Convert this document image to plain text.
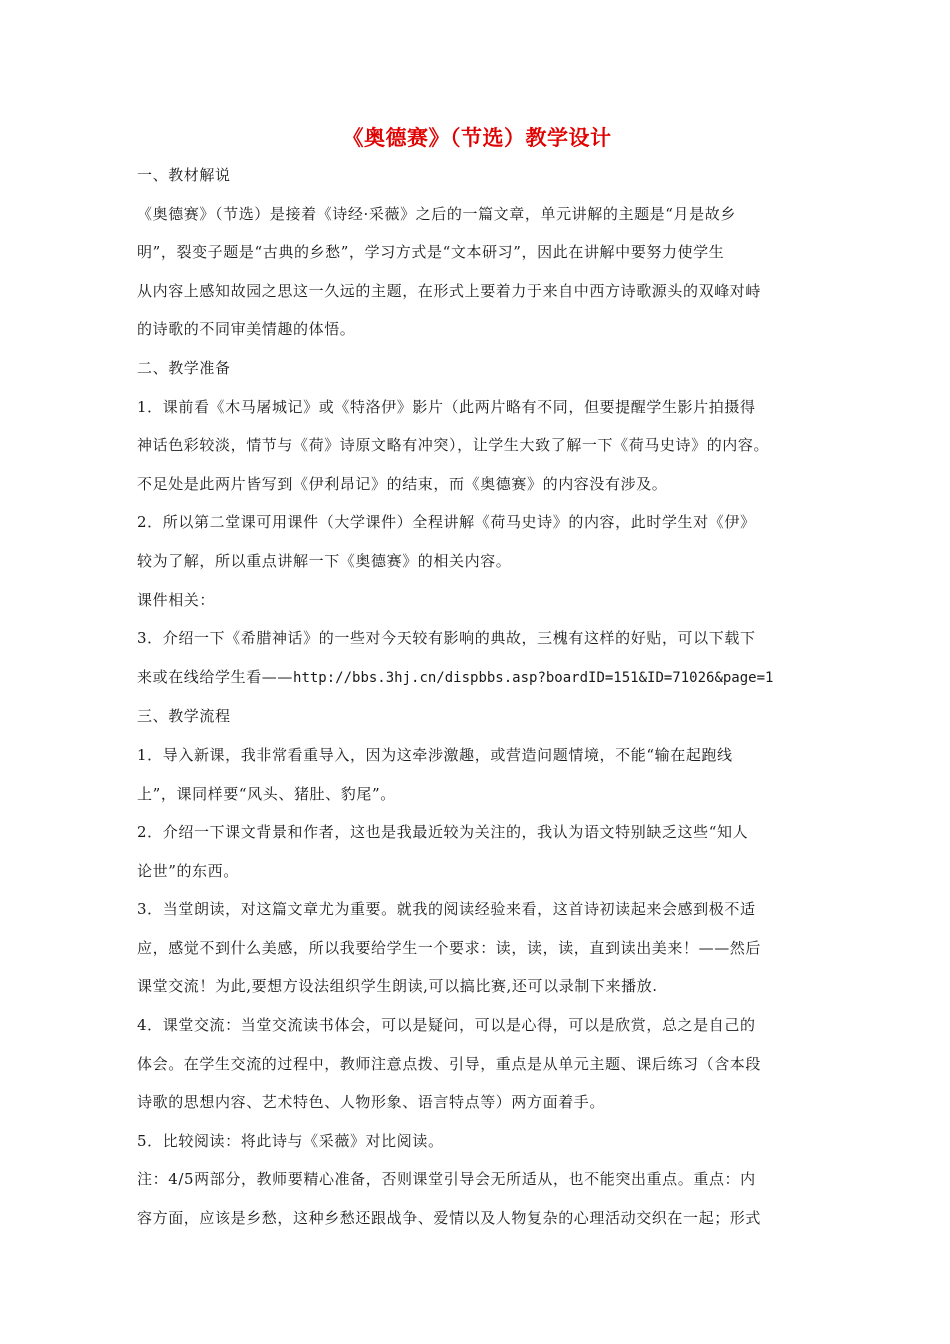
《奥德赛》（节选）教学设计
一、教材解说
《奥德赛》（节选）是接着《诗经·采薇》之后的一篇文章，单元讲解的主题是“月是故乡
明”，裂变子题是“古典的乡愁”，学习方式是“文本研习”，因此在讲解中要努力使学生
从内容上感知故园之思这一久远的主题，在形式上要着力于来自中西方诗歌源头的双峰对峙
的诗歌的不同审美情趣的体悟。
二、教学准备
1．课前看《木马屠城记》或《特洛伊》影片（此两片略有不同，但要提醒学生影片拍摄得
神话色彩较淡，情节与《荷》诗原文略有冲突），让学生大致了解一下《荷马史诗》的内容。
不足处是此两片皆写到《伊利昂记》的结束，而《奥德赛》的内容没有涉及。
2．所以第二堂课可用课件（大学课件）全程讲解《荷马史诗》的内容，此时学生对《伊》
较为了解，所以重点讲解一下《奥德赛》的相关内容。
课件相关：
3．介绍一下《希腊神话》的一些对今天较有影响的典故，三槐有这样的好贴，可以下载下
来或在线给学生看——http://bbs.3hj.cn/dispbbs.asp?boardID=151&ID=71026&page=1
三、教学流程
1．导入新课，我非常看重导入，因为这牵涉激趣，或营造问题情境，不能“输在起跑线
上”，课同样要“风头、猪肚、豹尾”。
2．介绍一下课文背景和作者，这也是我最近较为关注的，我认为语文特别缺乏这些“知人
论世”的东西。
3．当堂朗读，对这篇文章尤为重要。就我的阅读经验来看，这首诗初读起来会感到极不适
应，感觉不到什么美感，所以我要给学生一个要求：读，读，读，直到读出美来！——然后
课堂交流！为此,要想方设法组织学生朗读,可以搞比赛,还可以录制下来播放.
4．课堂交流：当堂交流读书体会，可以是疑问，可以是心得，可以是欣赏，总之是自己的
体会。在学生交流的过程中，教师注意点拨、引导，重点是从单元主题、课后练习（含本段
诗歌的思想内容、艺术特色、人物形象、语言特点等）两方面着手。
5．比较阅读：将此诗与《采薇》对比阅读。
注：4/5两部分，教师要精心准备，否则课堂引导会无所适从，也不能突出重点。重点：内
容方面，应该是乡愁，这种乡愁还跟战争、爱情以及人物复杂的心理活动交织在一起；形式
